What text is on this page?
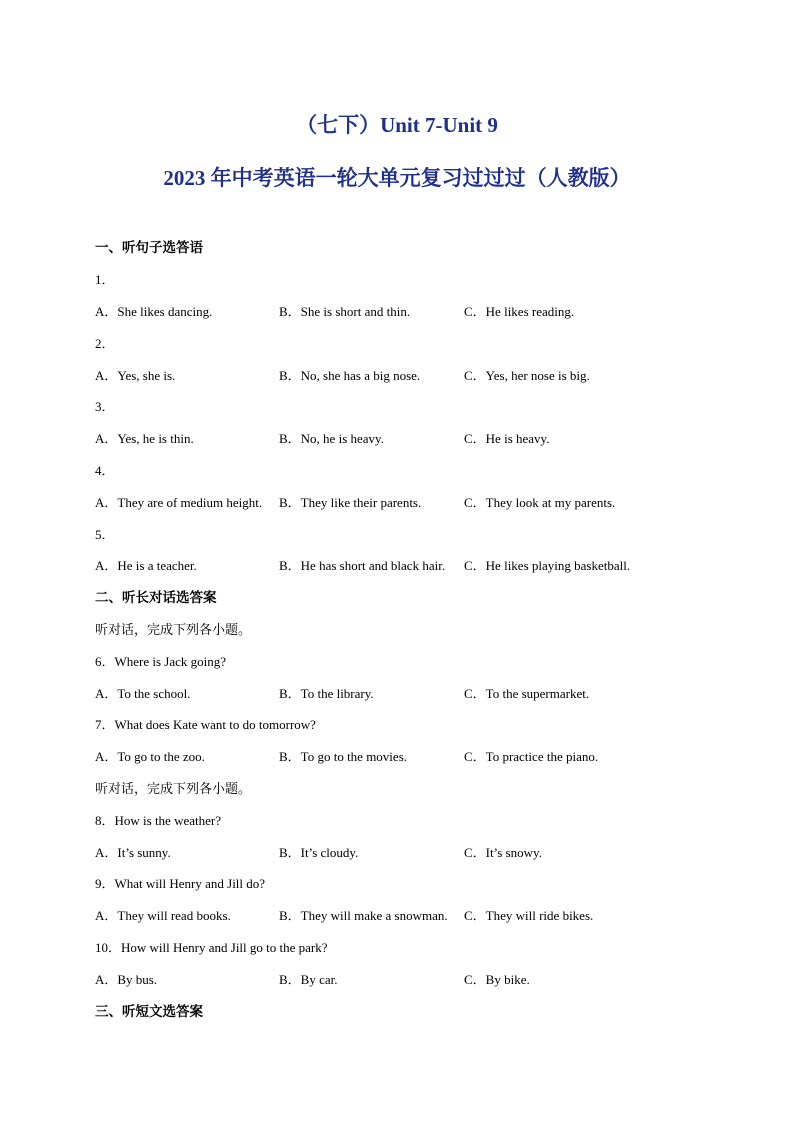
（七下）Unit 7-Unit 9
2023 年中考英语一轮大单元复习过过过（人教版）
一、听句子选答语
1．
A．She likes dancing.	B．She is short and thin.	C．He likes reading.
2．
A．Yes, she is.	B．No, she has a big nose.	C．Yes, her nose is big.
3．
A．Yes, he is thin.	B．No, he is heavy.	C．He is heavy.
4．
A．They are of medium height. B．They like their parents.	C．They look at my parents.
5．
A．He is a teacher.	B．He has short and black hair. C．He likes playing basketball.
二、听长对话选答案
听对话，完成下列各小题。
6．Where is Jack going?
A．To the school.	B．To the library.	C．To the supermarket.
7．What does Kate want to do tomorrow?
A．To go to the zoo.	B．To go to the movies.	C．To practice the piano.
听对话，完成下列各小题。
8．How is the weather?
A．It’s sunny.	B．It’s cloudy.	C．It’s snowy.
9．What will Henry and Jill do?
A．They will read books.	B．They will make a snowman. C．They will ride bikes.
10．How will Henry and Jill go to the park?
A．By bus.	B．By car.	C．By bike.
三、听短文选答案
